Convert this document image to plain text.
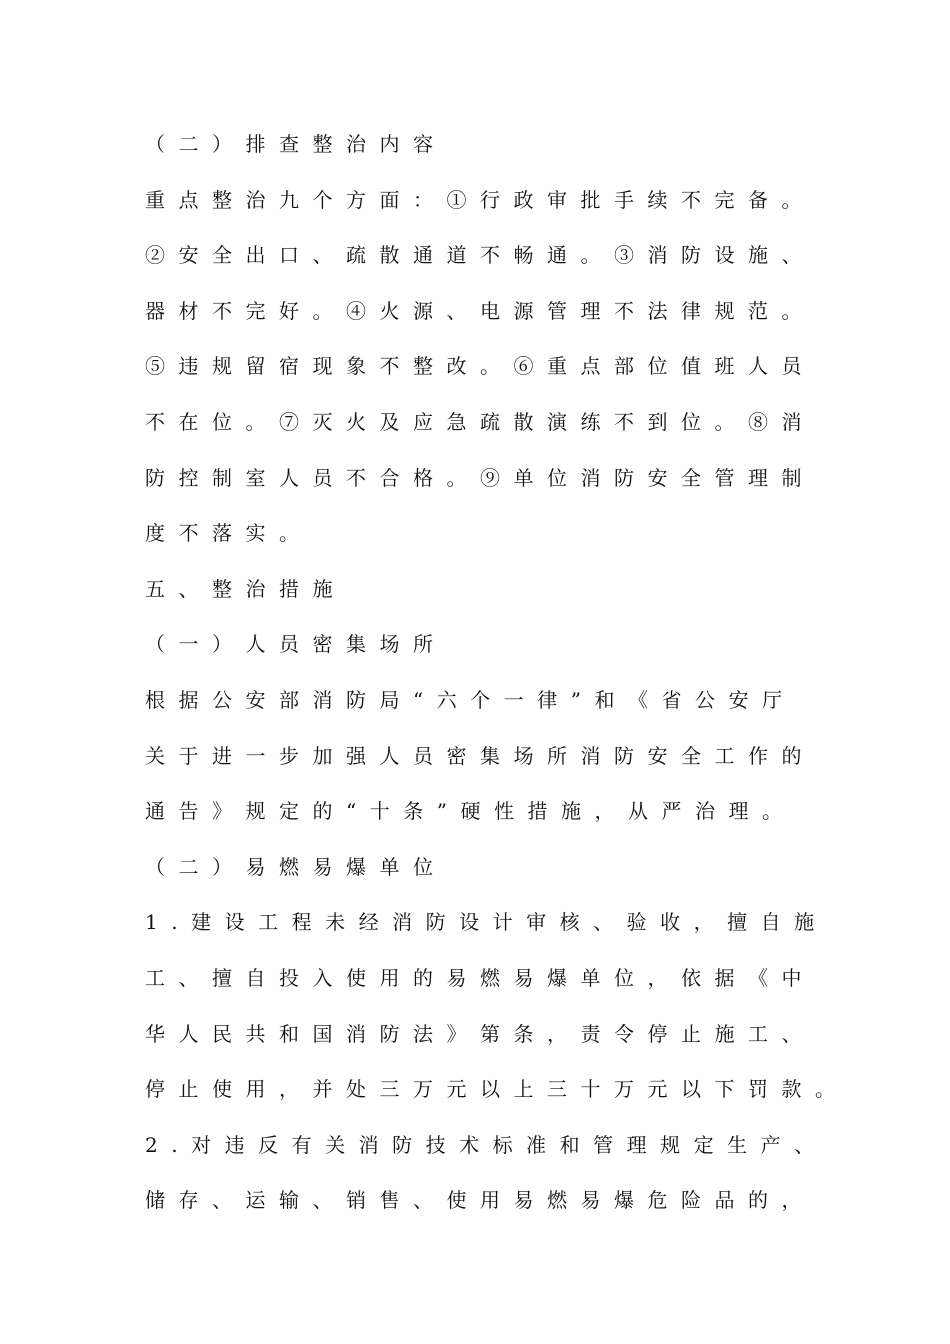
（二）排查整治内容
重点整治九个方面：①行政审批手续不完备。
②安全出口、疏散通道不畅通。③消防设施、
器材不完好。④火源、电源管理不法律规范。
⑤违规留宿现象不整改。⑥重点部位值班人员
不在位。⑦灭火及应急疏散演练不到位。⑧消
防控制室人员不合格。⑨单位消防安全管理制
度不落实。
五、整治措施
（一）人员密集场所
根据公安部消防局“六个一律”和《省公安厅
关于进一步加强人员密集场所消防安全工作的
通告》规定的“十条”硬性措施，从严治理。
（二）易燃易爆单位
1.建设工程未经消防设计审核、验收，擅自施
工、擅自投入使用的易燃易爆单位，依据《中
华人民共和国消防法》第条，责令停止施工、
停止使用，并处三万元以上三十万元以下罚款。
2.对违反有关消防技术标准和管理规定生产、
储存、运输、销售、使用易燃易爆危险品的，
